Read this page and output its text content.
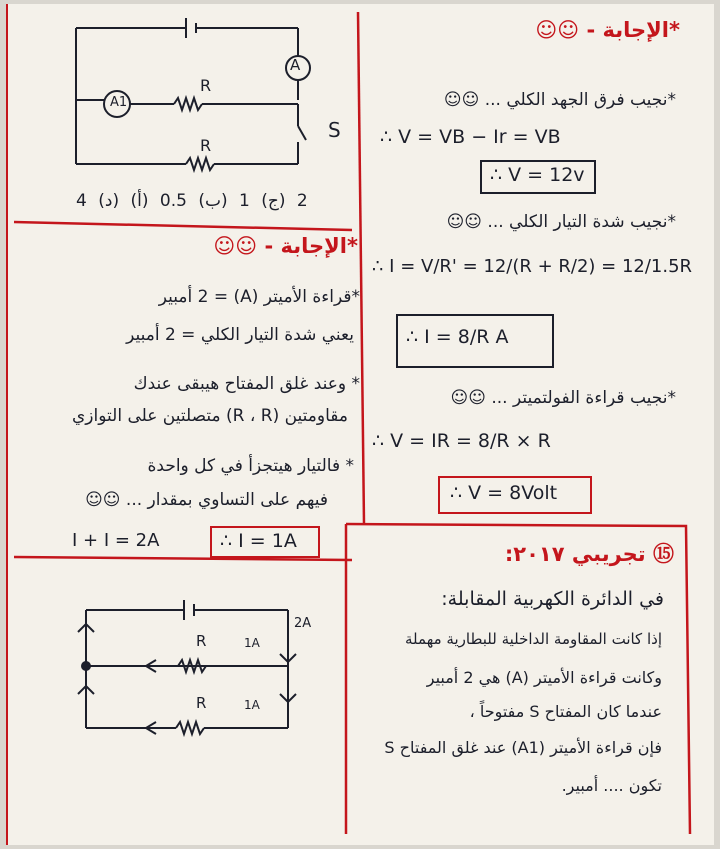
A
A1
R
R
S
4 (د) 2 (ج) 1 (ب) 0.5 (أ)
*الإجابة - ☺☺
*قراءة الأميتر (A) = 2 أمبير
يعني شدة التيار الكلي = 2 أمبير
* وعند غلق المفتاح هيبقى عندك
مقاومتين (R ، R) متصلتين على التوازي
* فالتيار هيتجزأ في كل واحدة
فيهم على التساوي بمقدار ... ☺☺
I + I = 2A	∴ I = 1A
2A
R	1A
R	1A
*الإجابة - ☺☺
*نجيب فرق الجهد الكلي ... ☺☺
∴ V = VB − Ir = VB
∴ V = 12v
*نجيب شدة التيار الكلي ... ☺☺
∴ I = V/R' = 12/(R + R/2) = 12/1.5R
∴ I = 8/R A
*نجيب قراءة الفولتميتر ... ☺☺
∴ V = IR = 8/R × R
∴ V = 8Volt
⑮ تجريبي ٢٠١٧:
في الدائرة الكهربية المقابلة:
إذا كانت المقاومة الداخلية للبطارية مهملة
وكانت قراءة الأميتر (A) هي 2 أمبير
عندما كان المفتاح S مفتوحاً ،
فإن قراءة الأميتر (A1) عند غلق المفتاح S
تكون .... أمبير.
